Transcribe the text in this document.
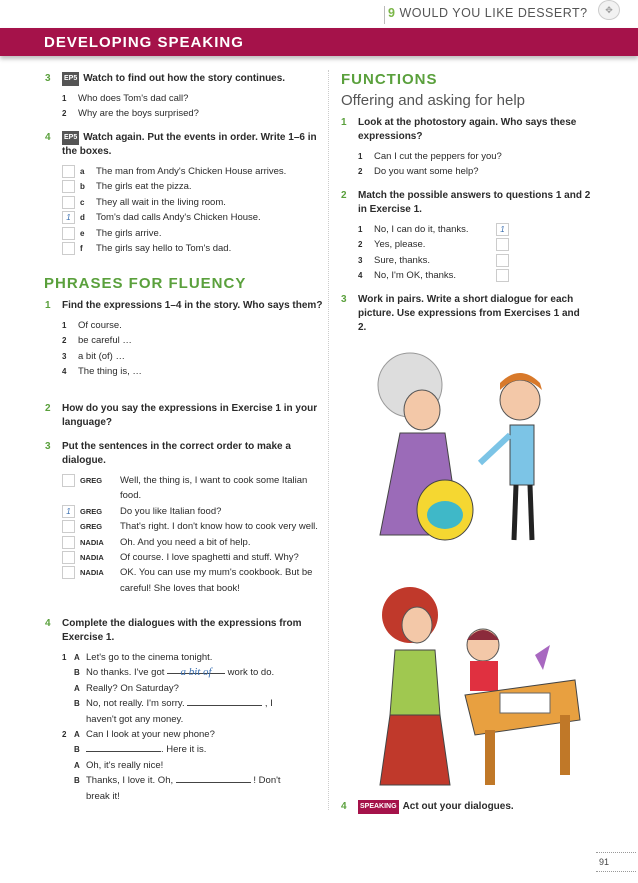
9 WOULD YOU LIKE DESSERT?	✥
DEVELOPING SPEAKING
3 EP5 Watch to find out how the story continues.
1 Who does Tom's dad call?
2 Why are the boys surprised?
4 EP5 Watch again. Put the events in order. Write 1–6 in the boxes.
a The man from Andy's Chicken House arrives.
b The girls eat the pizza.
c They all wait in the living room.
1	d Tom's dad calls Andy's Chicken House.
e The girls arrive.
f The girls say hello to Tom's dad.
PHRASES FOR FLUENCY
1 Find the expressions 1–4 in the story. Who says them?
1 Of course.
2 be careful …
3 a bit (of) …
4 The thing is, …
2 How do you say the expressions in Exercise 1 in your language?
3 Put the sentences in the correct order to make a dialogue.
GREG Well, the thing is, I want to cook some Italian food.
1	GREG Do you like Italian food?
GREG That's right. I don't know how to cook very well.
NADIA Oh. And you need a bit of help.
NADIA Of course. I love spaghetti and stuff. Why?
NADIA OK. You can use my mum's cookbook. But be careful! She loves that book!
4 Complete the dialogues with the expressions from Exercise 1.
1 A Let's go to the cinema tonight.
B No thanks. I've got a bit of work to do.
A Really? On Saturday?
B No, not really. I'm sorry.	, I haven't got any money.
2 A Can I look at your new phone?
B	. Here it is.
A Oh, it's really nice!
B Thanks, I love it. Oh,	! Don't break it!
FUNCTIONS
Offering and asking for help
1 Look at the photostory again. Who says these expressions?
1 Can I cut the peppers for you?
2 Do you want some help?
2 Match the possible answers to questions 1 and 2 in Exercise 1.
1 No, I can do it, thanks.	1
2 Yes, please.
3 Sure, thanks.
4 No, I'm OK, thanks.
3 Work in pairs. Write a short dialogue for each picture. Use expressions from Exercises 1 and 2.
4 SPEAKING Act out your dialogues.
91
